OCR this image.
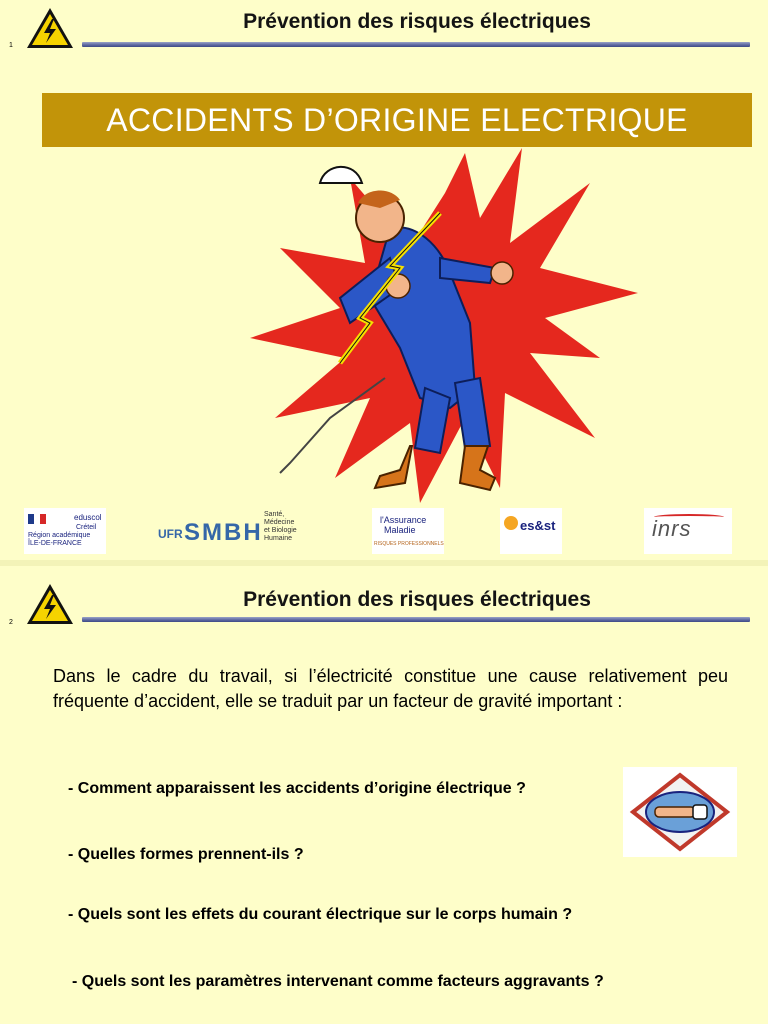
1
Prévention des risques électriques
ACCIDENTS D’ORIGINE ELECTRIQUE
Région académique
ÎLE-DE-FRANCE
eduscol
Créteil	UFR SMBH
Santé,
Médecine
et Biologie
Humaine
l'Assurance
Maladie
RISQUES PROFESSIONNELS
es&st	inrs
2
Prévention des risques électriques
Dans le cadre du travail, si l’électricité constitue une cause relativement peu fréquente d’accident, elle se traduit par un facteur de gravité important :
- Comment apparaissent les accidents d’origine électrique ?
- Quelles formes prennent-ils ?
- Quels sont les effets du courant électrique sur le corps humain ?
- Quels sont les paramètres intervenant comme facteurs aggravants ?
